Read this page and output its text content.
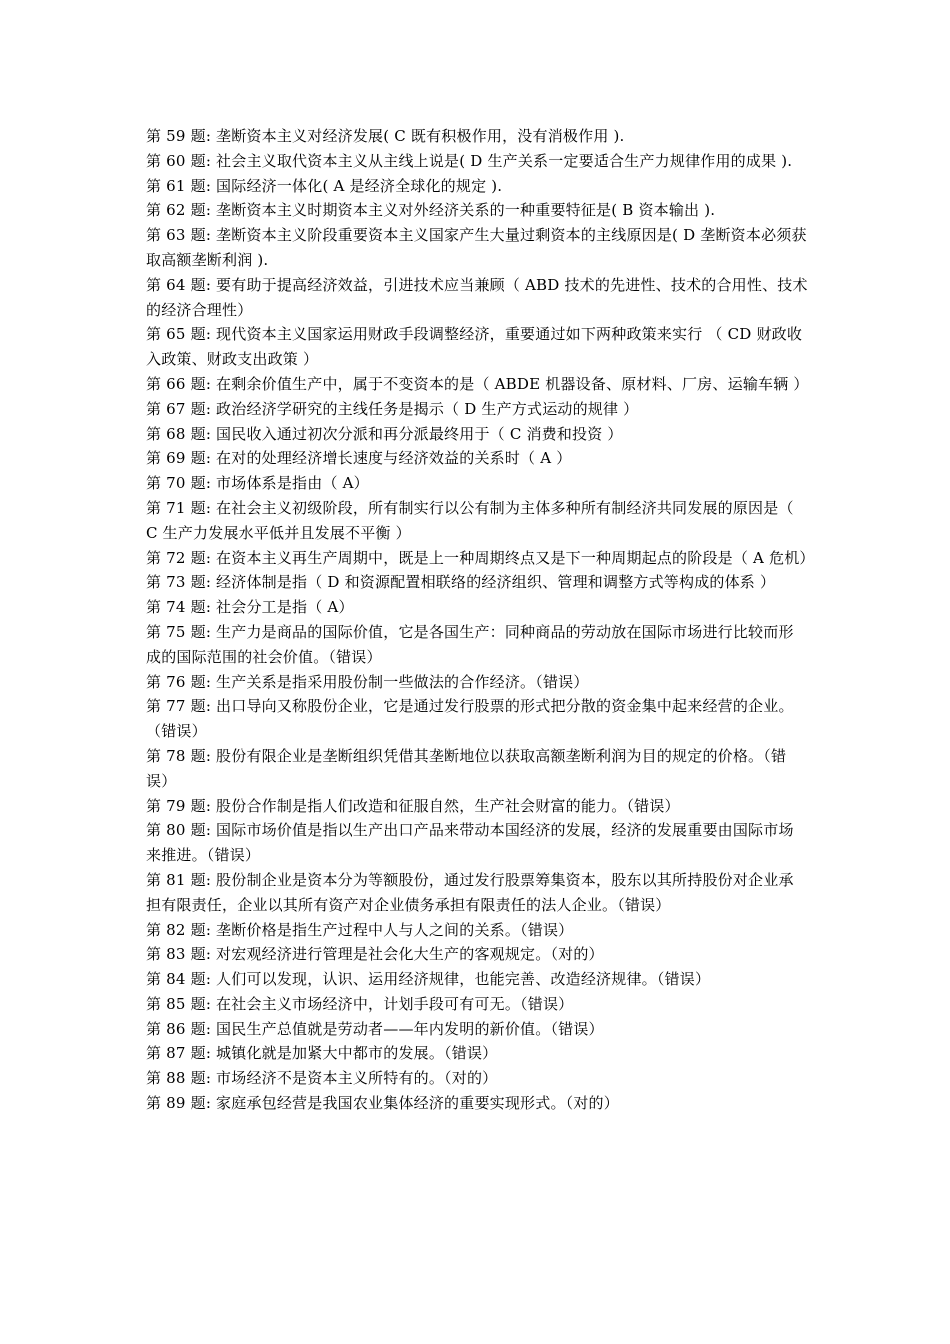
第 59 题: 垄断资本主义对经济发展( C 既有积极作用，没有消极作用 ).

第 60 题: 社会主义取代资本主义从主线上说是( D 生产关系一定要适合生产力规律作用的成果 ).

第 61 题: 国际经济一体化( A 是经济全球化的规定 ).

第 62 题: 垄断资本主义时期资本主义对外经济关系的一种重要特征是( B 资本输出 ).

第 63 题: 垄断资本主义阶段重要资本主义国家产生大量过剩资本的主线原因是( D 垄断资本必须获取高额垄断利润 ).

第 64 题: 要有助于提高经济效益，引进技术应当兼顾（ ABD 技术的先进性、技术的合用性、技术的经济合理性）

第 65 题: 现代资本主义国家运用财政手段调整经济，重要通过如下两种政策来实行 （ CD 财政收入政策、财政支出政策 ）

第 66 题: 在剩余价值生产中，属于不变资本的是（ ABDE 机器设备、原材料、厂房、运输车辆 ）

第 67 题: 政治经济学研究的主线任务是揭示（ D 生产方式运动的规律 ）

第 68 题: 国民收入通过初次分派和再分派最终用于（ C 消费和投资 ）

第 69 题: 在对的处理经济增长速度与经济效益的关系时（ A ）

第 70 题: 市场体系是指由（ A）

第 71 题: 在社会主义初级阶段，所有制实行以公有制为主体多种所有制经济共同发展的原因是（ C 生产力发展水平低并且发展不平衡 ）

第 72 题: 在资本主义再生产周期中，既是上一种周期终点又是下一种周期起点的阶段是（ A 危机）

第 73 题: 经济体制是指（ D 和资源配置相联络的经济组织、管理和调整方式等构成的体系 ）

第 74 题: 社会分工是指（ A）

第 75 题: 生产力是商品的国际价值，它是各国生产：同种商品的劳动放在国际市场进行比较而形成的国际范围的社会价值。（错误）

第 76 题: 生产关系是指采用股份制一些做法的合作经济。（错误）

第 77 题: 出口导向又称股份企业，它是通过发行股票的形式把分散的资金集中起来经营的企业。（错误）

第 78 题: 股份有限企业是垄断组织凭借其垄断地位以获取高额垄断利润为目的规定的价格。（错误）

第 79 题: 股份合作制是指人们改造和征服自然，生产社会财富的能力。（错误）

第 80 题: 国际市场价值是指以生产出口产品来带动本国经济的发展，经济的发展重要由国际市场来推进。（错误）

第 81 题: 股份制企业是资本分为等额股份，通过发行股票筹集资本，股东以其所持股份对企业承担有限责任，企业以其所有资产对企业债务承担有限责任的法人企业。（错误）

第 82 题: 垄断价格是指生产过程中人与人之间的关系。（错误）

第 83 题: 对宏观经济进行管理是社会化大生产的客观规定。（对的）

第 84 题: 人们可以发现，认识、运用经济规律，也能完善、改造经济规律。（错误）

第 85 题: 在社会主义市场经济中，计划手段可有可无。（错误）

第 86 题: 国民生产总值就是劳动者——年内发明的新价值。（错误）

第 87 题: 城镇化就是加紧大中都市的发展。（错误）

第 88 题: 市场经济不是资本主义所特有的。（对的）

第 89 题: 家庭承包经营是我国农业集体经济的重要实现形式。（对的）
